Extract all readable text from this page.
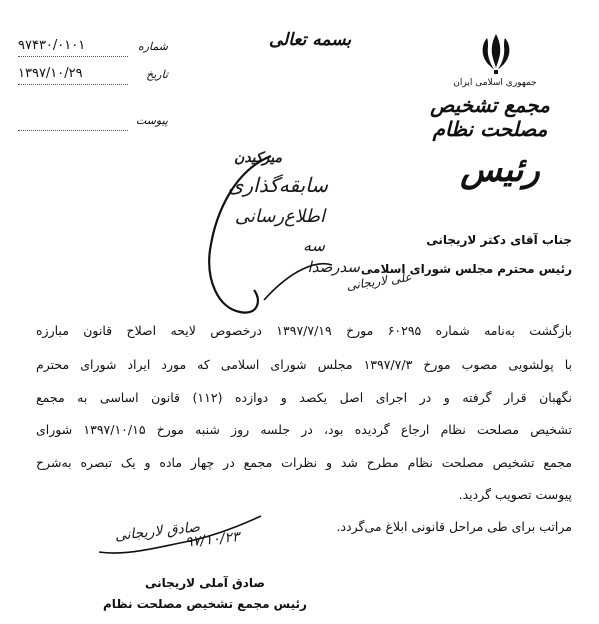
۹۷۴۳۰/۰۱۰۱	شماره
۱۳۹۷/۱۰/۲۹	تاریخ
پیوست
بسمه تعالی
جمهوری اسلامی ایران
مجمع تشخیص مصلحت نظام
رئیس
میرکیدن
سابقه‌گذاری
اطلاع‌رسانی
سه
سدرصدا
علی لاریجانی
جناب آقای دکتر لاریجانی
رئیس محترم مجلس شورای اسلامی
بازگشت به‌نامه شماره ۶۰۲۹۵ مورخ ۱۳۹۷/۷/۱۹ درخصوص لایحه اصلاح قانون مبارزه
با پولشویی مصوب مورخ ۱۳۹۷/۷/۳ مجلس شورای اسلامی که مورد ایراد شورای محترم
نگهبان قرار گرفته و در اجرای اصل یکصد و دوازده (۱۱۲) قانون اساسی به مجمع
تشخیص مصلحت نظام ارجاع گردیده بود، در جلسه روز شنبه مورخ ۱۳۹۷/۱۰/۱۵ شورای
مجمع تشخیص مصلحت نظام مطرح شد و نظرات مجمع در چهار ماده و یک تبصره به‌شرح
پیوست تصویب گردید.
مراتب برای طی مراحل قانونی ابلاغ می‌گردد.
۹۷/۱۰/۲۳
صادق لاریجانی
صادق آملی لاریجانی
رئیس مجمع تشخیص مصلحت نظام
